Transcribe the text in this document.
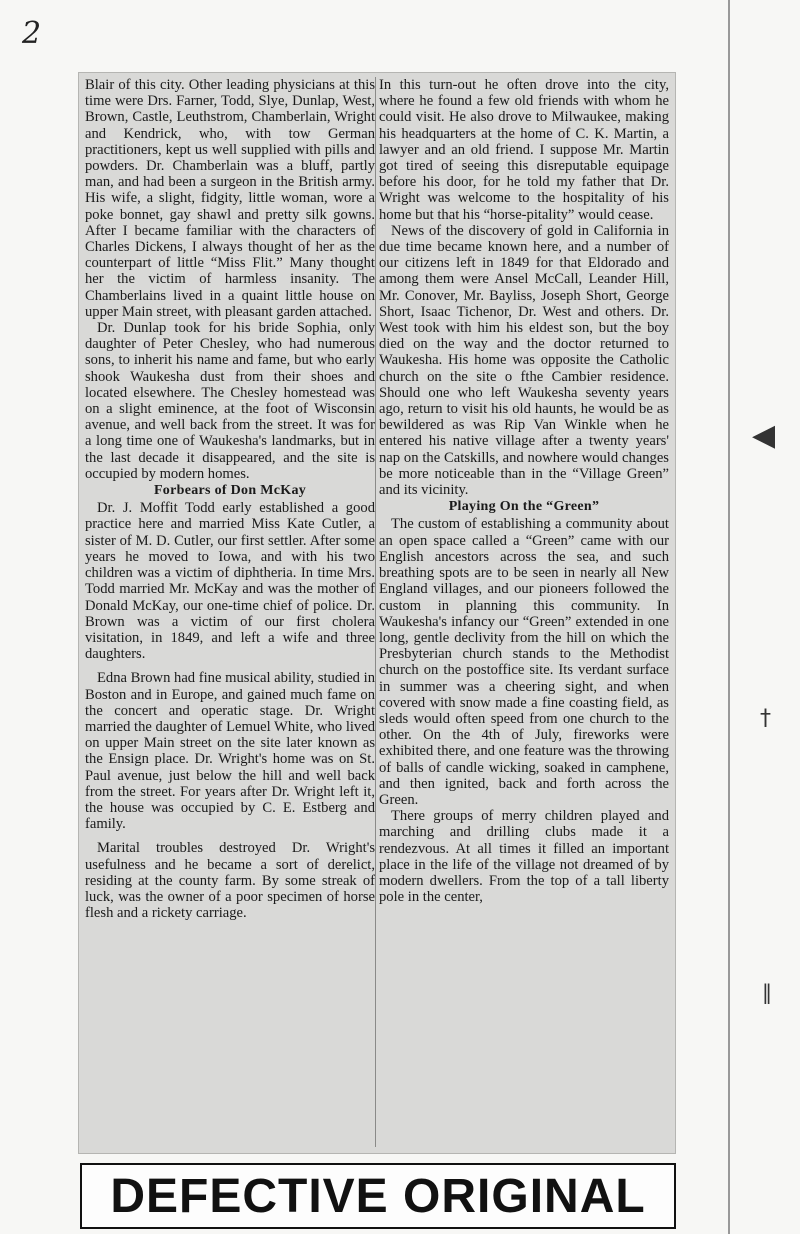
2
◀
†
‖

Blair of this city. Other leading physicians at this time were Drs. Farner, Todd, Slye, Dunlap, West, Brown, Castle, Leuthstrom, Chamberlain, Wright and Kendrick, who, with tow German practitioners, kept us well supplied with pills and powders. Dr. Chamberlain was a bluff, partly man, and had been a surgeon in the British army. His wife, a slight, fidgity, little woman, wore a poke bonnet, gay shawl and pretty silk gowns. After I became familiar with the characters of Charles Dickens, I always thought of her as the counterpart of little “Miss Flit.” Many thought her the victim of harmless insanity. The Chamberlains lived in a quaint little house on upper Main street, with pleasant garden attached.

Dr. Dunlap took for his bride Sophia, only daughter of Peter Chesley, who had numerous sons, to inherit his name and fame, but who early shook Waukesha dust from their shoes and located elsewhere. The Chesley homestead was on a slight eminence, at the foot of Wisconsin avenue, and well back from the street. It was for a long time one of Waukesha's landmarks, but in the last decade it disappeared, and the site is occupied by modern homes.

Forbears of Don McKay

Dr. J. Moffit Todd early established a good practice here and married Miss Kate Cutler, a sister of M. D. Cutler, our first settler. After some years he moved to Iowa, and with his two children was a victim of diphtheria. In time Mrs. Todd married Mr. McKay and was the mother of Donald McKay, our one-time chief of police. Dr. Brown was a victim of our first cholera visitation, in 1849, and left a wife and three daughters.

Edna Brown had fine musical ability, studied in Boston and in Europe, and gained much fame on the concert and operatic stage. Dr. Wright married the daughter of Lemuel White, who lived on upper Main street on the site later known as the Ensign place. Dr. Wright's home was on St. Paul avenue, just below the hill and well back from the street. For years after Dr. Wright left it, the house was occupied by C. E. Estberg and family.

Marital troubles destroyed Dr. Wright's usefulness and he became a sort of derelict, residing at the county farm. By some streak of luck, was the owner of a poor specimen of horse flesh and a rickety carriage.

In this turn-out he often drove into the city, where he found a few old friends with whom he could visit. He also drove to Milwaukee, making his headquarters at the home of C. K. Martin, a lawyer and an old friend. I suppose Mr. Martin got tired of seeing this disreputable equipage before his door, for he told my father that Dr. Wright was welcome to the hospitality of his home but that his “horse-pitality” would cease.

News of the discovery of gold in California in due time became known here, and a number of our citizens left in 1849 for that Eldorado and among them were Ansel McCall, Leander Hill, Mr. Conover, Mr. Bayliss, Joseph Short, George Short, Isaac Tichenor, Dr. West and others. Dr. West took with him his eldest son, but the boy died on the way and the doctor returned to Waukesha. His home was opposite the Catholic church on the site o fthe Cambier residence. Should one who left Waukesha seventy years ago, return to visit his old haunts, he would be as bewildered as was Rip Van Winkle when he entered his native village after a twenty years' nap on the Catskills, and nowhere would changes be more noticeable than in the “Village Green” and its vicinity.

Playing On the “Green”

The custom of establishing a community about an open space called a “Green” came with our English ancestors across the sea, and such breathing spots are to be seen in nearly all New England villages, and our pioneers followed the custom in planning this community. In Waukesha's infancy our “Green” extended in one long, gentle declivity from the hill on which the Presbyterian church stands to the Methodist church on the postoffice site. Its verdant surface in summer was a cheering sight, and when covered with snow made a fine coasting field, as sleds would often speed from one church to the other. On the 4th of July, fireworks were exhibited there, and one feature was the throwing of balls of candle wicking, soaked in camphene, and then ignited, back and forth across the Green.

There groups of merry children played and marching and drilling clubs made it a rendezvous. At all times it filled an important place in the life of the village not dreamed of by modern dwellers. From the top of a tall liberty pole in the center,

DEFECTIVE ORIGINAL
